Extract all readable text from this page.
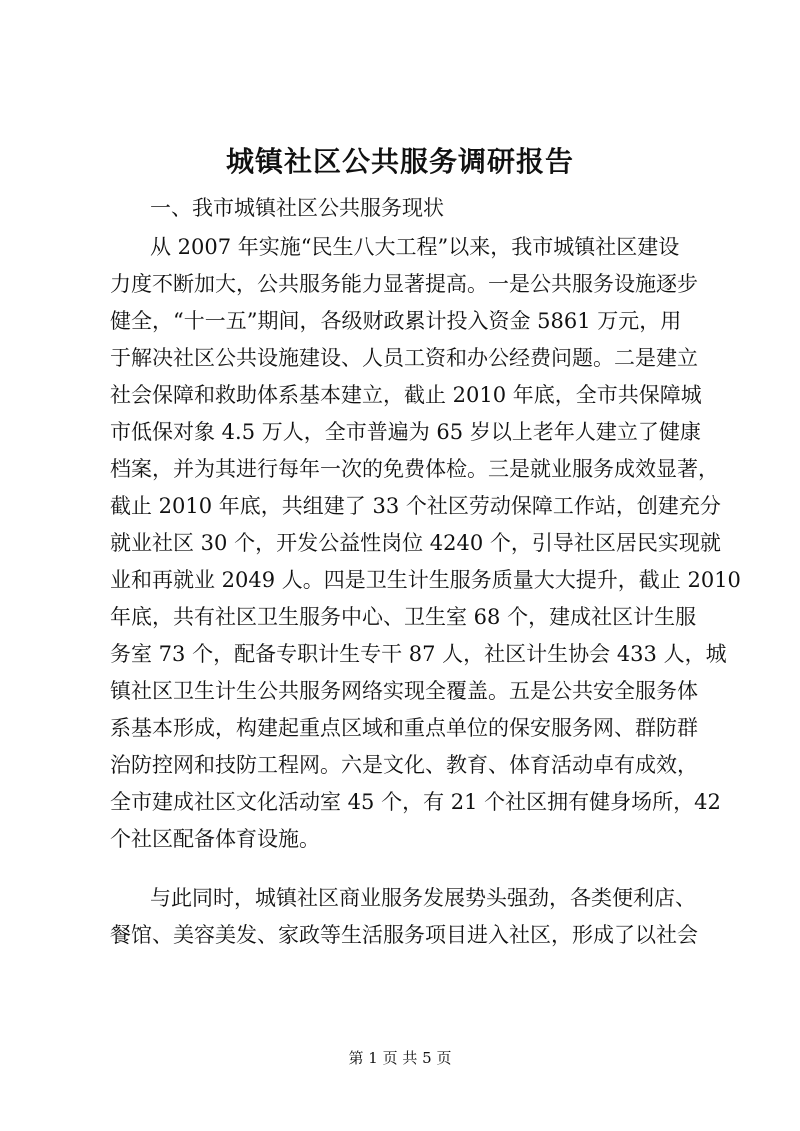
城镇社区公共服务调研报告
一、我市城镇社区公共服务现状
从 2007 年实施“民生八大工程”以来，我市城镇社区建设
力度不断加大，公共服务能力显著提高。一是公共服务设施逐步
健全，“十一五”期间，各级财政累计投入资金 5861 万元，用
于解决社区公共设施建设、人员工资和办公经费问题。二是建立
社会保障和救助体系基本建立，截止 2010 年底，全市共保障城
市低保对象 4.5 万人，全市普遍为 65 岁以上老年人建立了健康
档案，并为其进行每年一次的免费体检。三是就业服务成效显著，
截止 2010 年底，共组建了 33 个社区劳动保障工作站，创建充分
就业社区 30 个，开发公益性岗位 4240 个，引导社区居民实现就
业和再就业 2049 人。四是卫生计生服务质量大大提升，截止 2010
年底，共有社区卫生服务中心、卫生室 68 个，建成社区计生服
务室 73 个，配备专职计生专干 87 人，社区计生协会 433 人，城
镇社区卫生计生公共服务网络实现全覆盖。五是公共安全服务体
系基本形成，构建起重点区域和重点单位的保安服务网、群防群
治防控网和技防工程网。六是文化、教育、体育活动卓有成效，
全市建成社区文化活动室 45 个，有 21 个社区拥有健身场所，42
个社区配备体育设施。
与此同时，城镇社区商业服务发展势头强劲，各类便利店、
餐馆、美容美发、家政等生活服务项目进入社区，形成了以社会
第 1 页 共 5 页
